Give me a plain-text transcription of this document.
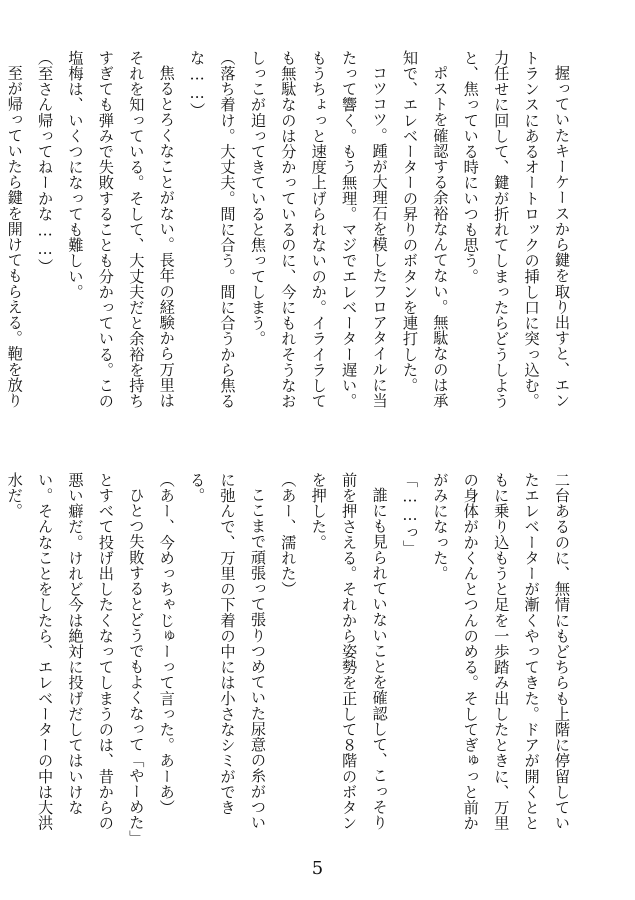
握っていたキーケースから鍵を取り出すと、エントランスにあるオートロックの挿し口に突っ込む。力任せに回して、鍵が折れてしまったらどうしようと、焦っている時にいつも思う。

ポストを確認する余裕なんてない。無駄なのは承知で、エレベーターの昇りのボタンを連打した。

コツコツ。踵が大理石を模したフロアタイルに当たって響く。もう無理。マジでエレベーター遅い。もうちょっと速度上げられないのか。イライラしても無駄なのは分かっているのに、今にもれそうなおしっこが迫ってきていると焦ってしまう。

（落ち着け。大丈夫。間に合う。間に合うから焦るな……）

焦るとろくなことがない。長年の経験から万里はそれを知っている。そして、大丈夫だと余裕を持ちすぎても弾みで失敗することも分かっている。この塩梅は、いくつになっても難しい。

（至さん帰ってねーかな……）

至が帰っていたら鍵を開けてもらえる。鞄を放り

二台あるのに、無情にもどちらも上階に停留していたエレベーターが漸くやってきた。ドアが開くとともに乗り込もうと足を一歩踏み出したときに、万里の身体がかくんとつんのめる。そしてぎゅっと前かがみになった。

「……っ」

誰にも見られていないことを確認して、こっそり前を押さえる。それから姿勢を正して８階のボタンを押した。

（あー、濡れた）

ここまで頑張って張りつめていた尿意の糸がついに弛んで、万里の下着の中には小さなシミができる。

（あー、今めっちゃじゅーって言った。あーあ）

ひとつ失敗するとどうでもよくなって「やーめた」とすべて投げ出したくなってしまうのは、昔からの悪い癖だ。けれど今は絶対に投げだしてはいけない。そんなことをしたら、エレベーターの中は大洪水だ。

5
